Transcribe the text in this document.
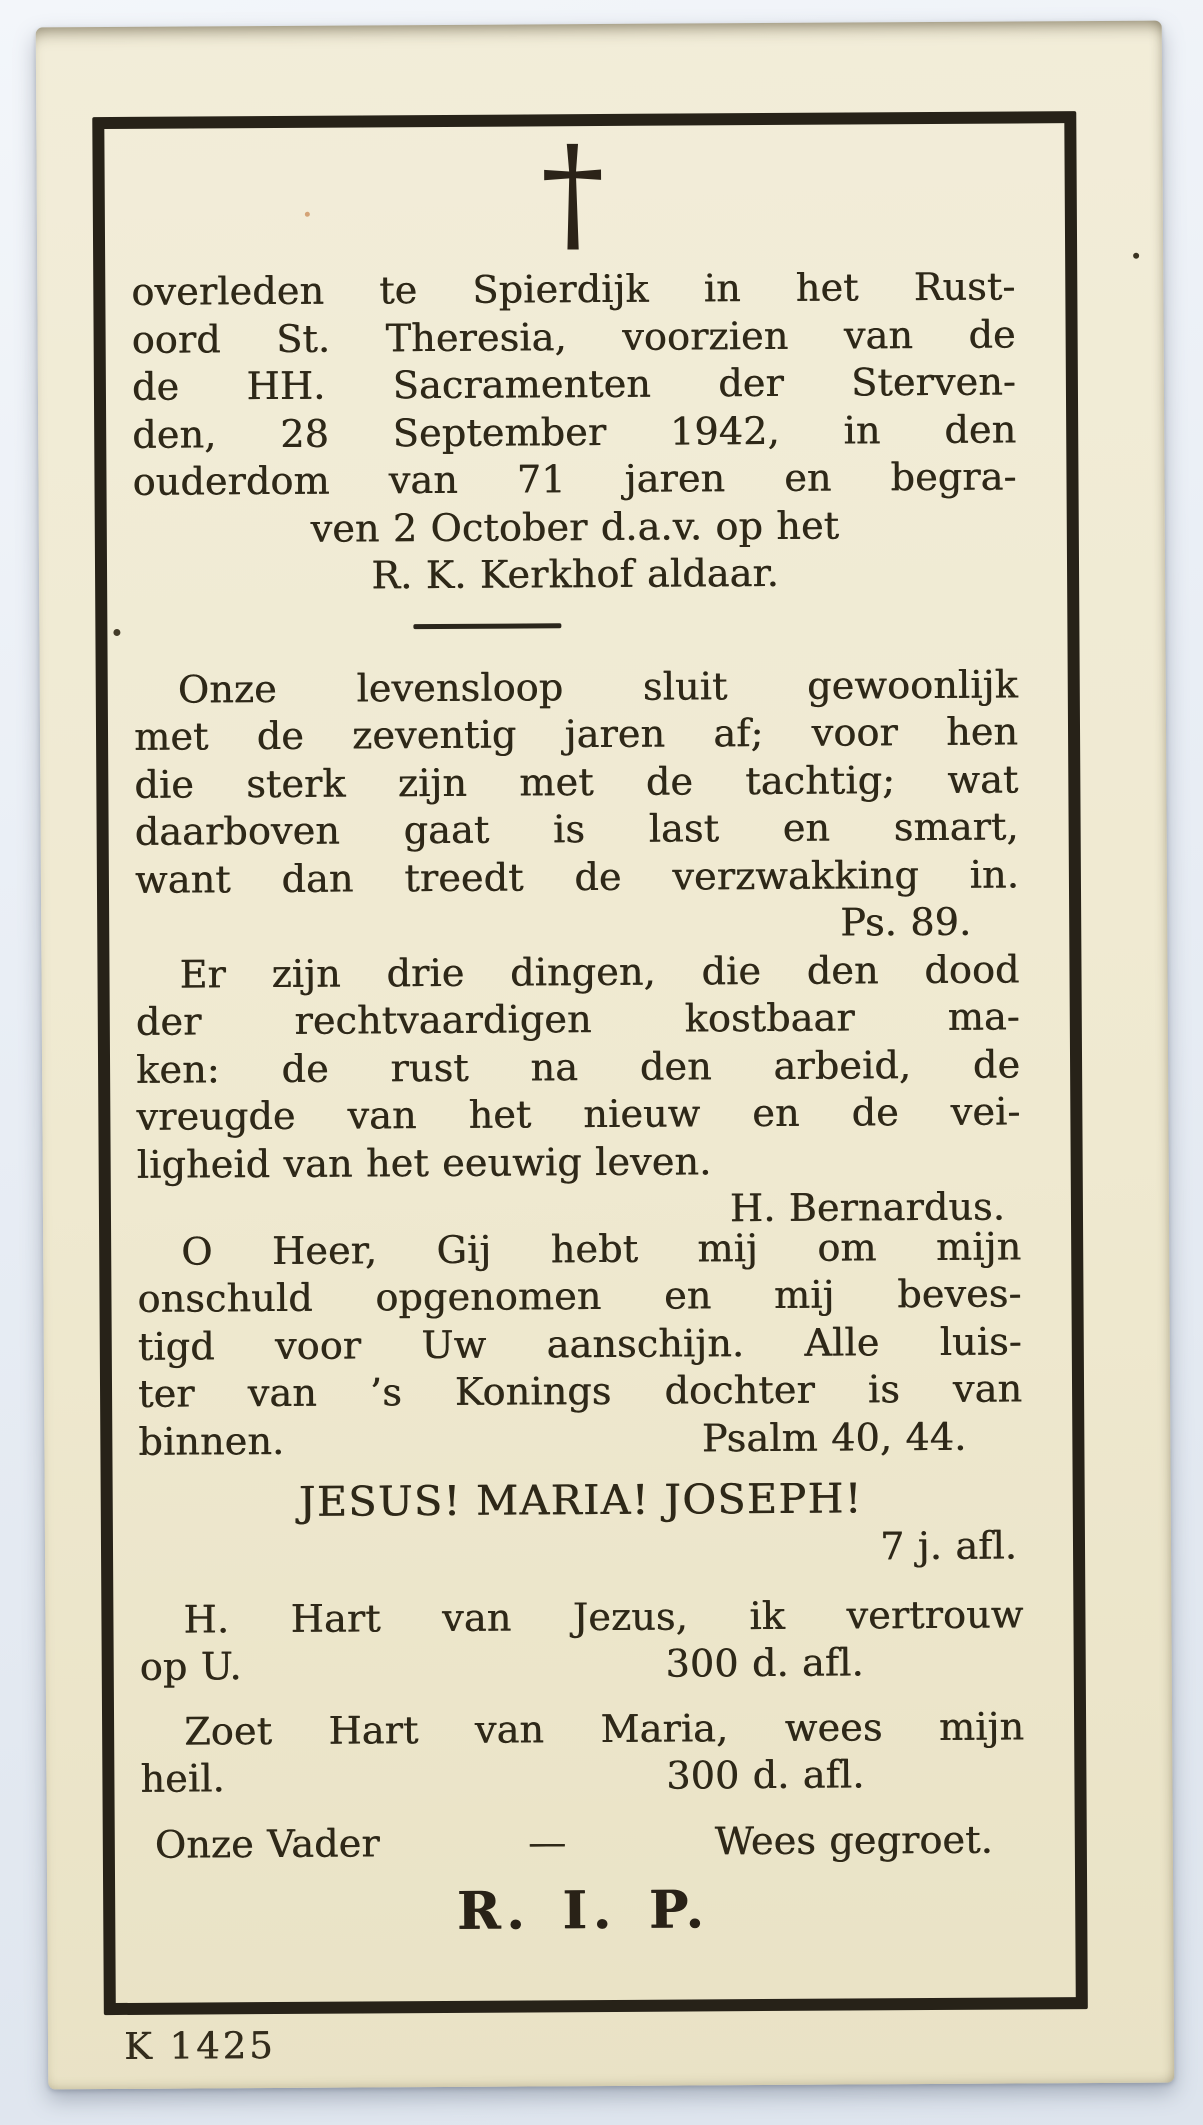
†
overleden te Spierdijk in het Rust-
oord St. Theresia, voorzien van de
de HH. Sacramenten der Sterven-
den, 28 September 1942, in den
ouderdom van 71 jaren en begra-
ven 2 October d.a.v. op het
R. K. Kerkhof aldaar.
Onze levensloop sluit gewoonlijk
met de zeventig jaren af; voor hen
die sterk zijn met de tachtig; wat
daarboven gaat is last en smart,
want dan treedt de verzwakking in.
Ps. 89.
Er zijn drie dingen, die den dood
der rechtvaardigen kostbaar ma-
ken: de rust na den arbeid, de
vreugde van het nieuw en de vei-
ligheid van het eeuwig leven.
H. Bernardus.
O Heer, Gij hebt mij om mijn
onschuld opgenomen en mij beves-
tigd voor Uw aanschijn. Alle luis-
ter van ’s Konings dochter is van
binnen.	Psalm 40, 44.
JESUS! MARIA! JOSEPH!
7 j. afl.
H. Hart van Jezus, ik vertrouw
op U.	300 d. afl.
Zoet Hart van Maria, wees mijn
heil.	300 d. afl.
Onze Vader	—	Wees gegroet.
R. I. P.
K 1425
